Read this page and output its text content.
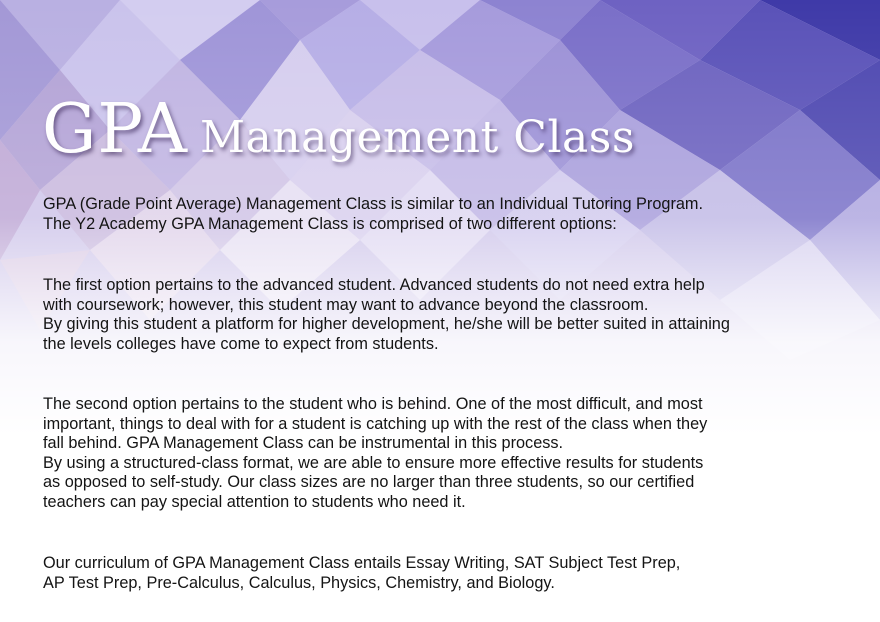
GPA Management Class

GPA (Grade Point Average) Management Class is similar to an Individual Tutoring Program.
The Y2 Academy GPA Management Class is comprised of two different options:

The first option pertains to the advanced student. Advanced students do not need extra help
with coursework; however, this student may want to advance beyond the classroom.
By giving this student a platform for higher development, he/she will be better suited in attaining
the levels colleges have come to expect from students.

The second option pertains to the student who is behind. One of the most difficult, and most
important, things to deal with for a student is catching up with the rest of the class when they
fall behind. GPA Management Class can be instrumental in this process.
By using a structured-class format, we are able to ensure more effective results for students
as opposed to self-study. Our class sizes are no larger than three students, so our certified
teachers can pay special attention to students who need it.

Our curriculum of GPA Management Class entails Essay Writing, SAT Subject Test Prep,
AP Test Prep, Pre-Calculus, Calculus, Physics, Chemistry, and Biology.
